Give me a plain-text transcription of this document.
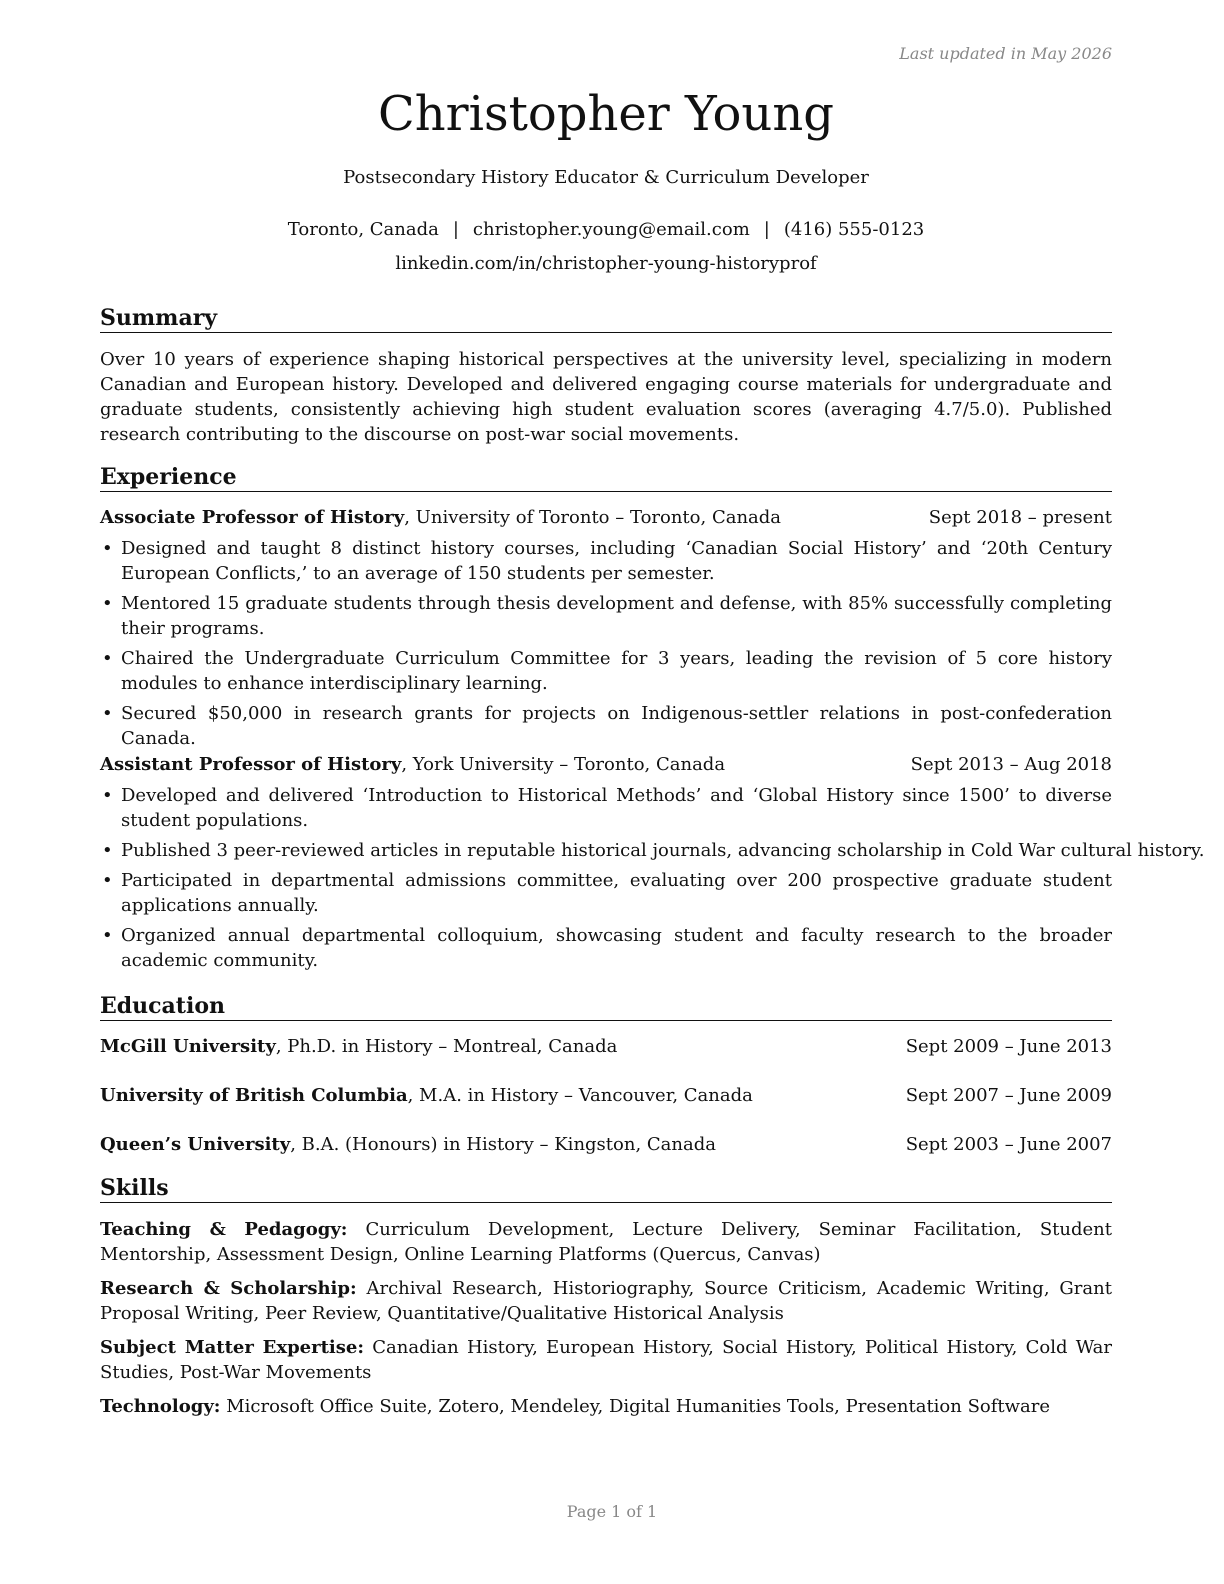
Last updated in May 2026
Christopher Young
Postsecondary History Educator & Curriculum Developer
Toronto, Canada | christopher.young@email.com | (416) 555-0123
linkedin.com/in/christopher-young-historyprof
Summary
Over 10 years of experience shaping historical perspectives at the university level, specializing in modern Canadian and European history. Developed and delivered engaging course materials for undergraduate and graduate students, consistently achieving high student evaluation scores (averaging 4.7/5.0). Published research contributing to the discourse on post-war social movements.
Experience
Associate Professor of History, University of Toronto – Toronto, Canada	Sept 2018 – present
• Designed and taught 8 distinct history courses, including ‘Canadian Social History’ and ‘20th Century European Conflicts,’ to an average of 150 students per semester.
• Mentored 15 graduate students through thesis development and defense, with 85% successfully completing their programs.
• Chaired the Undergraduate Curriculum Committee for 3 years, leading the revision of 5 core history modules to enhance interdisciplinary learning.
• Secured $50,000 in research grants for projects on Indigenous-settler relations in post-confederation Canada.
Assistant Professor of History, York University – Toronto, Canada	Sept 2013 – Aug 2018
• Developed and delivered ‘Introduction to Historical Methods’ and ‘Global History since 1500’ to diverse student populations.
• Published 3 peer-reviewed articles in reputable historical journals, advancing scholarship in Cold War cultural history.
• Participated in departmental admissions committee, evaluating over 200 prospective graduate student applications annually.
• Organized annual departmental colloquium, showcasing student and faculty research to the broader academic community.
Education
McGill University, Ph.D. in History – Montreal, Canada	Sept 2009 – June 2013
University of British Columbia, M.A. in History – Vancouver, Canada	Sept 2007 – June 2009
Queen’s University, B.A. (Honours) in History – Kingston, Canada	Sept 2003 – June 2007
Skills
Teaching & Pedagogy: Curriculum Development, Lecture Delivery, Seminar Facilitation, Student Mentorship, Assessment Design, Online Learning Platforms (Quercus, Canvas)
Research & Scholarship: Archival Research, Historiography, Source Criticism, Academic Writing, Grant Proposal Writing, Peer Review, Quantitative/Qualitative Historical Analysis
Subject Matter Expertise: Canadian History, European History, Social History, Political History, Cold War Studies, Post-War Movements
Technology: Microsoft Office Suite, Zotero, Mendeley, Digital Humanities Tools, Presentation Software
Page 1 of 1
